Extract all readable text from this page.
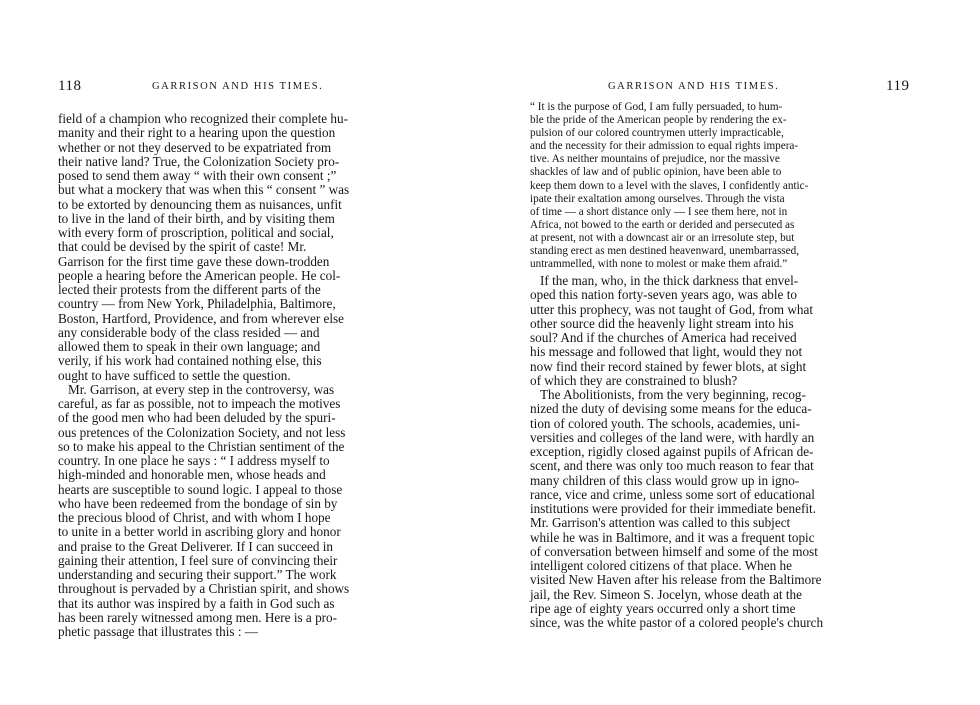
118	GARRISON AND HIS TIMES.

field of a champion who recognized their complete hu-

manity and their right to a hearing upon the question

whether or not they deserved to be expatriated from

their native land? True, the Colonization Society pro-

posed to send them away “ with their own consent ;”

but what a mockery that was when this “ consent ” was

to be extorted by denouncing them as nuisances, unfit

to live in the land of their birth, and by visiting them

with every form of proscription, political and social,

that could be devised by the spirit of caste! Mr.

Garrison for the first time gave these down-trodden

people a hearing before the American people. He col-

lected their protests from the different parts of the

country — from New York, Philadelphia, Baltimore,

Boston, Hartford, Providence, and from wherever else

any considerable body of the class resided — and

allowed them to speak in their own language; and

verily, if his work had contained nothing else, this

ought to have sufficed to settle the question.

Mr. Garrison, at every step in the controversy, was

careful, as far as possible, not to impeach the motives

of the good men who had been deluded by the spuri-

ous pretences of the Colonization Society, and not less

so to make his appeal to the Christian sentiment of the

country. In one place he says : “ I address myself to

high-minded and honorable men, whose heads and

hearts are susceptible to sound logic. I appeal to those

who have been redeemed from the bondage of sin by

the precious blood of Christ, and with whom I hope

to unite in a better world in ascribing glory and honor

and praise to the Great Deliverer. If I can succeed in

gaining their attention, I feel sure of convincing their

understanding and securing their support.” The work

throughout is pervaded by a Christian spirit, and shows

that its author was inspired by a faith in God such as

has been rarely witnessed among men. Here is a pro-

phetic passage that illustrates this : —

GARRISON AND HIS TIMES.	119

“ It is the purpose of God, I am fully persuaded, to hum-

ble the pride of the American people by rendering the ex-

pulsion of our colored countrymen utterly impracticable,

and the necessity for their admission to equal rights impera-

tive. As neither mountains of prejudice, nor the massive

shackles of law and of public opinion, have been able to

keep them down to a level with the slaves, I confidently antic-

ipate their exaltation among ourselves. Through the vista

of time — a short distance only — I see them here, not in

Africa, not bowed to the earth or derided and persecuted as

at present, not with a downcast air or an irresolute step, but

standing erect as men destined heavenward, unembarrassed,

untrammelled, with none to molest or make them afraid.”

If the man, who, in the thick darkness that envel-

oped this nation forty-seven years ago, was able to

utter this prophecy, was not taught of God, from what

other source did the heavenly light stream into his

soul? And if the churches of America had received

his message and followed that light, would they not

now find their record stained by fewer blots, at sight

of which they are constrained to blush?

The Abolitionists, from the very beginning, recog-

nized the duty of devising some means for the educa-

tion of colored youth. The schools, academies, uni-

versities and colleges of the land were, with hardly an

exception, rigidly closed against pupils of African de-

scent, and there was only too much reason to fear that

many children of this class would grow up in igno-

rance, vice and crime, unless some sort of educational

institutions were provided for their immediate benefit.

Mr. Garrison's attention was called to this subject

while he was in Baltimore, and it was a frequent topic

of conversation between himself and some of the most

intelligent colored citizens of that place. When he

visited New Haven after his release from the Baltimore

jail, the Rev. Simeon S. Jocelyn, whose death at the

ripe age of eighty years occurred only a short time

since, was the white pastor of a colored people's church
